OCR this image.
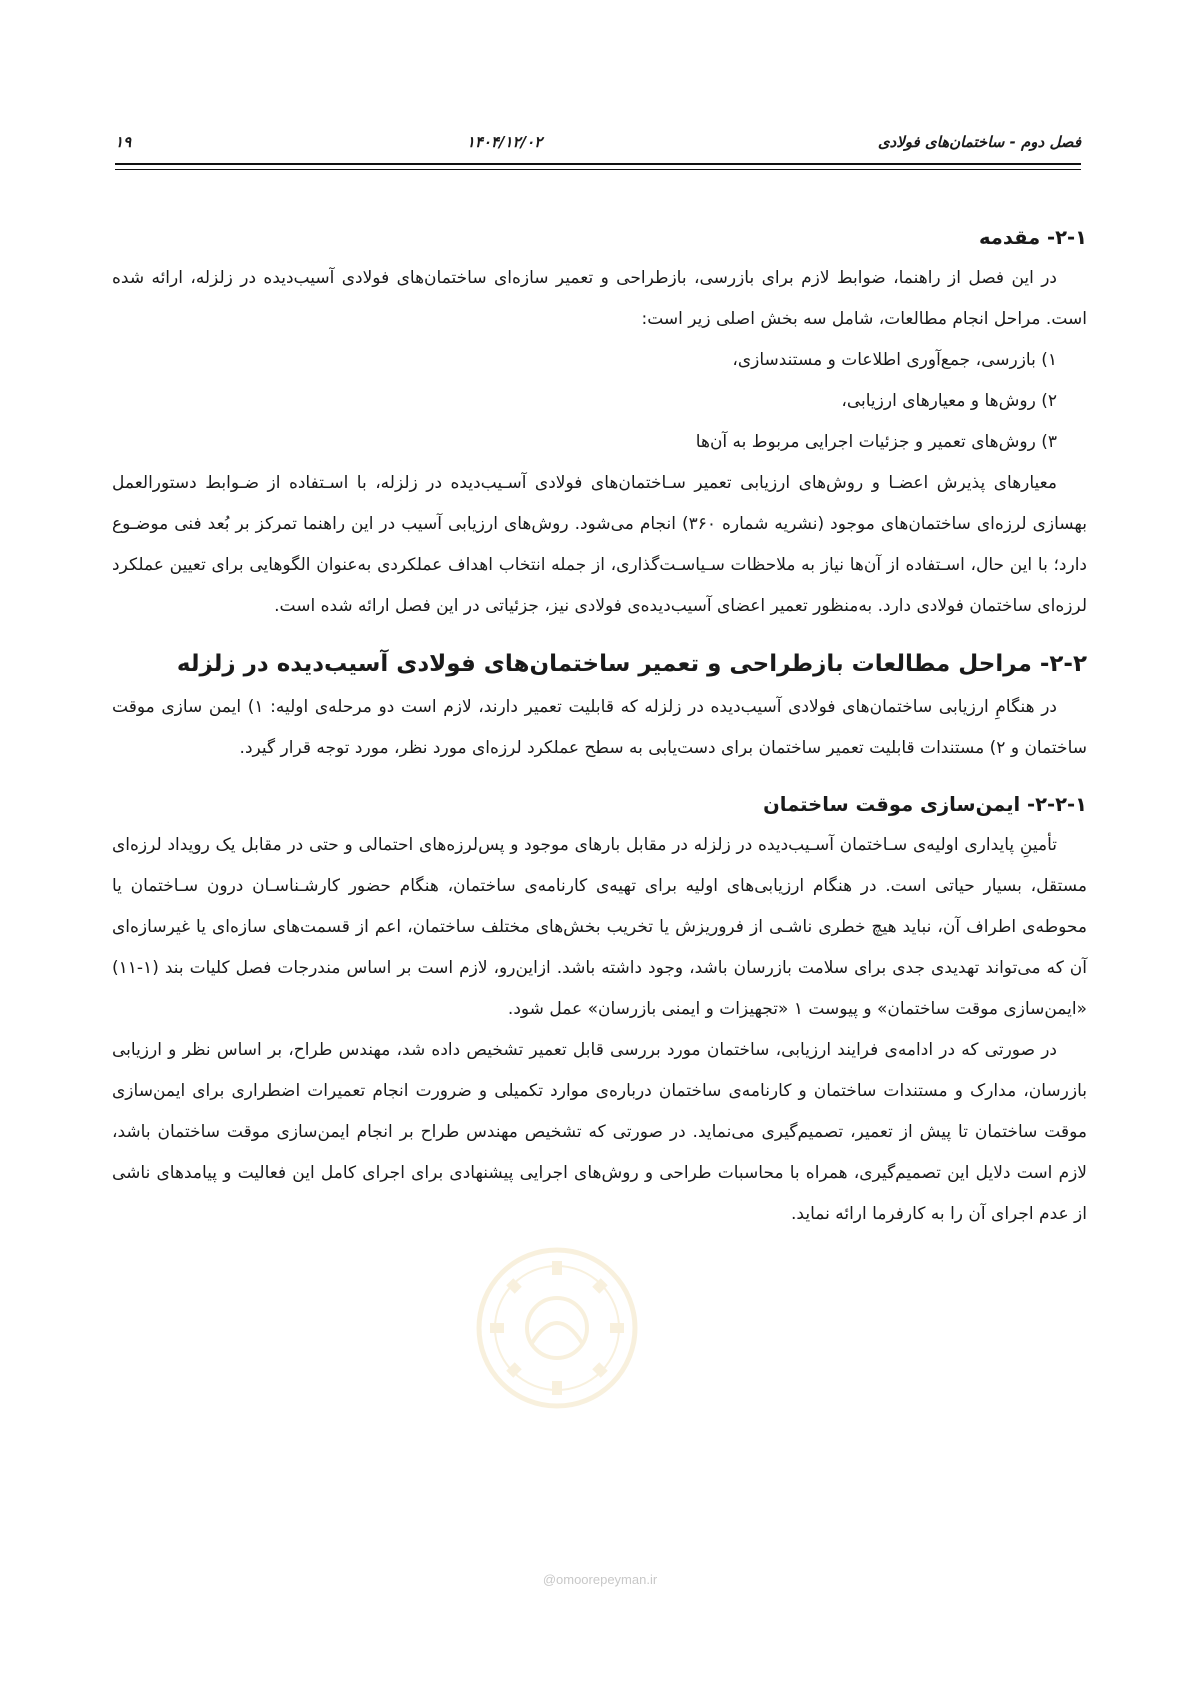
فصل دوم - ساختمان‌های فولادی
۱۴۰۴/۱۲/۰۲
۱۹
۲-۱- مقدمه

در این فصل از راهنما، ضوابط لازم برای بازرسی، بازطراحی و تعمیر سازه‌ای ساختمان‌های فولادی آسیب‌دیده در زلزله، ارائه شده است. مراحل انجام مطالعات، شامل سه بخش اصلی زیر است:

۱) بازرسی، جمع‌آوری اطلاعات و مستندسازی،
۲) روش‌ها و معیارهای ارزیابی،
۳) روش‌های تعمیر و جزئیات اجرایی مربوط به آن‌ها

معیارهای پذیرش اعضـا و روش‌های ارزیابی تعمیر سـاختمان‌های فولادی آسـیب‌دیده در زلزله، با اسـتفاده از ضـوابط دستورالعمل بهسازی لرزه‌ای ساختمان‌های موجود (نشریه شماره ۳۶۰) انجام می‌شود. روش‌های ارزیابی آسیب در این راهنما تمرکز بر بُعد فنی موضـوع دارد؛ با این حال، اسـتفاده از آن‌ها نیاز به ملاحظات سـیاسـت‌گذاری، از جمله انتخاب اهداف عملکردی به‌عنوان الگوهایی برای تعیین عملکرد لرزه‌ای ساختمان فولادی دارد. به‌منظور تعمیر اعضای آسیب‌دیده‌ی فولادی نیز، جزئیاتی در این فصل ارائه شده است.

۲-۲- مراحل مطالعات بازطراحی و تعمیر ساختمان‌های فولادی آسیب‌دیده در زلزله

در هنگامِ ارزیابی ساختمان‌های فولادی آسیب‌دیده در زلزله که قابلیت تعمیر دارند، لازم است دو مرحله‌ی اولیه: ۱) ایمن سازی موقت ساختمان و ۲) مستندات قابلیت تعمیر ساختمان برای دست‌یابی به سطح عملکرد لرزه‌ای مورد نظر، مورد توجه قرار گیرد.

۲-۲-۱- ایمن‌سازی موقت ساختمان

تأمینِ پایداری اولیه‌ی سـاختمان آسـیب‌دیده در زلزله در مقابل بارهای موجود و پس‌لرزه‌های احتمالی و حتی در مقابل یک رویداد لرزه‌ای مستقل، بسیار حیاتی است. در هنگام ارزیابی‌های اولیه برای تهیه‌ی کارنامه‌ی ساختمان، هنگام حضور کارشـناسـان درون سـاختمان یا محوطه‌ی اطراف آن، نباید هیچ خطری ناشـی از فروریزش یا تخریب بخش‌های مختلف ساختمان، اعم از قسمت‌های سازه‌ای یا غیرسازه‌ای آن که می‌تواند تهدیدی جدی برای سلامت بازرسان باشد، وجود داشته باشد. ازاین‌رو، لازم است بر اساس مندرجات فصل کلیات بند (۱-۱۱) «ایمن‌سازی موقت ساختمان» و پیوست ۱ «تجهیزات و ایمنی بازرسان» عمل شود.

در صورتی که در ادامه‌ی فرایند ارزیابی، ساختمان مورد بررسی قابل تعمیر تشخیص داده شد، مهندس طراح، بر اساس نظر و ارزیابی بازرسان، مدارک و مستندات ساختمان و کارنامه‌ی ساختمان درباره‌ی موارد تکمیلی و ضرورت انجام تعمیرات اضطراری برای ایمن‌سازی موقت ساختمان تا پیش از تعمیر، تصمیم‌گیری می‌نماید. در صورتی که تشخیص مهندس طراح بر انجام ایمن‌سازی موقت ساختمان باشد، لازم است دلایل این تصمیم‌گیری، همراه با محاسبات طراحی و روش‌های اجرایی پیشنهادی برای اجرای کامل این فعالیت و پیامدهای ناشی از عدم اجرای آن را به کارفرما ارائه نماید.

@omoorepeyman.ir
